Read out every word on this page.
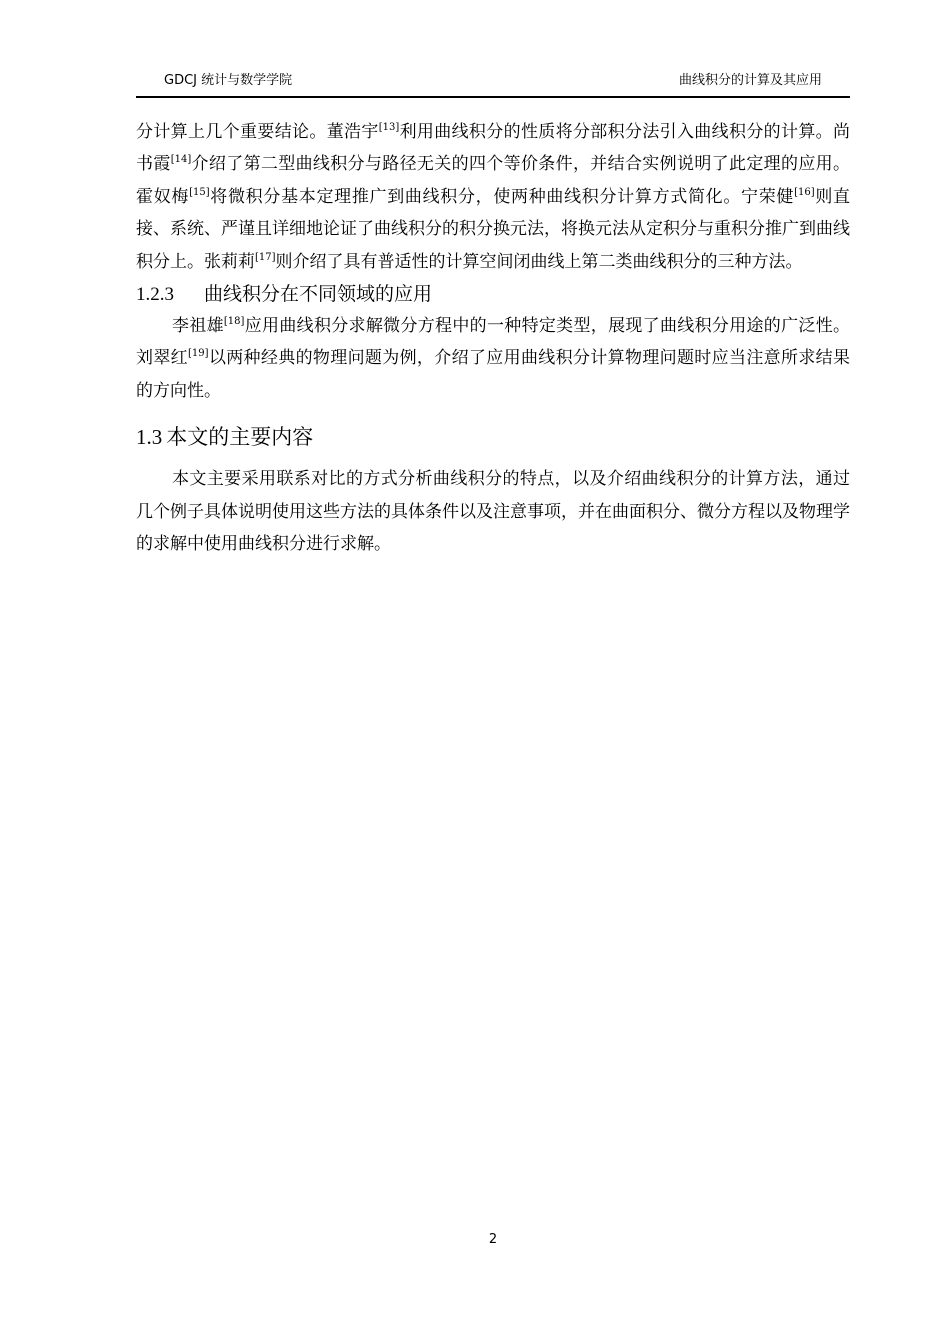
GDCJ 统计与数学学院	曲线积分的计算及其应用

分计算上几个重要结论。董浩宇[13]利用曲线积分的性质将分部积分法引入曲线积分的计算。尚书霞[14]介绍了第二型曲线积分与路径无关的四个等价条件，并结合实例说明了此定理的应用。霍奴梅[15]将微积分基本定理推广到曲线积分，使两种曲线积分计算方式简化。宁荣健[16]则直接、系统、严谨且详细地论证了曲线积分的积分换元法，将换元法从定积分与重积分推广到曲线积分上。张莉莉[17]则介绍了具有普适性的计算空间闭曲线上第二类曲线积分的三种方法。

1.2.3 曲线积分在不同领域的应用

李祖雄[18]应用曲线积分求解微分方程中的一种特定类型，展现了曲线积分用途的广泛性。刘翠红[19]以两种经典的物理问题为例，介绍了应用曲线积分计算物理问题时应当注意所求结果的方向性。

1.3 本文的主要内容

本文主要采用联系对比的方式分析曲线积分的特点，以及介绍曲线积分的计算方法，通过几个例子具体说明使用这些方法的具体条件以及注意事项，并在曲面积分、微分方程以及物理学的求解中使用曲线积分进行求解。

2
